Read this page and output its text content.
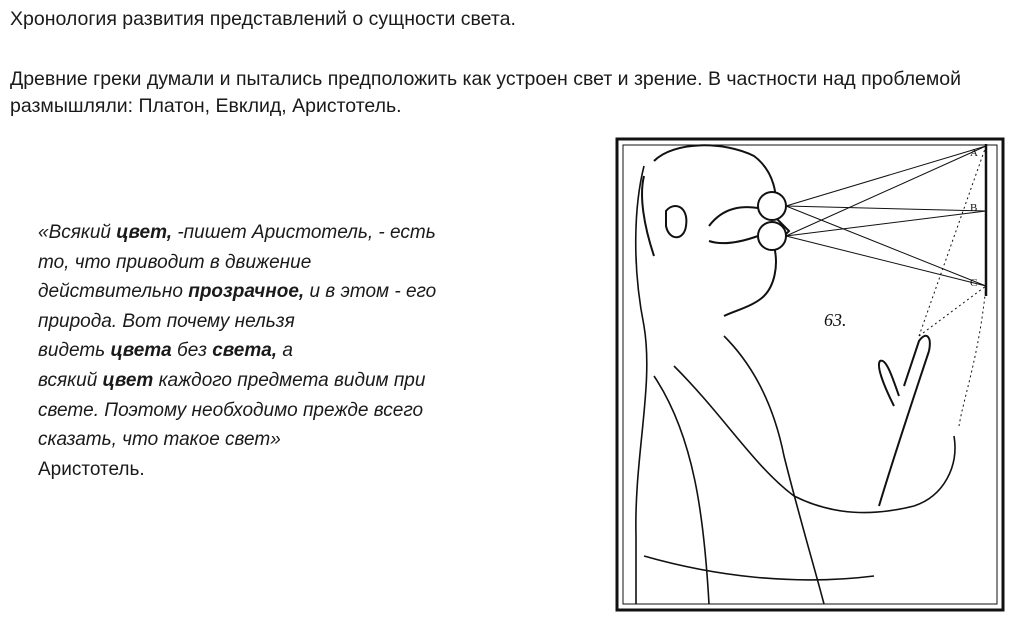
Хронология развития представлений о сущности света.

Древние греки думали и пытались предположить как устроен свет и зрение. В частности над проблемой размышляли: Платон, Евклид, Аристотель.

«Всякий цвет, -пишет Аристотель, - есть
то, что приводит в движение
действительно прозрачное, и в этом - его
природа. Вот почему нельзя
видеть цвета без света, а
всякий цвет каждого предмета видим при
свете. Поэтому необходимо прежде всего
сказать, что такое свет»

Аристотель.

A
B
C
63.
